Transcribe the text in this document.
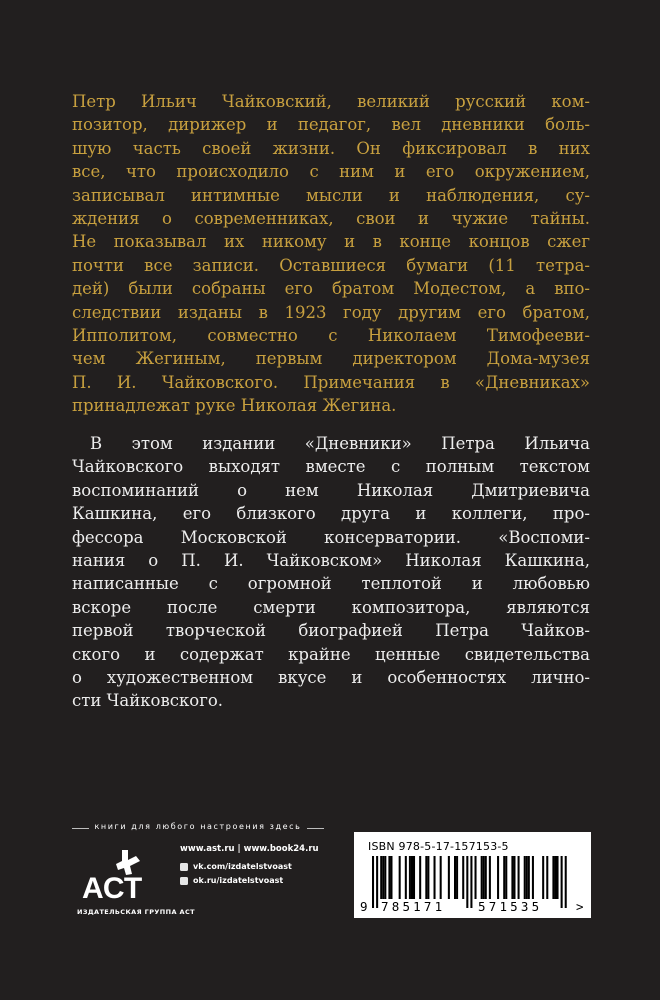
Петр Ильич Чайковский, великий русский ком-
позитор, дирижер и педагог, вел дневники боль-
шую часть своей жизни. Он фиксировал в них
все, что происходило с ним и его окружением,
записывал интимные мысли и наблюдения, су-
ждения о современниках, свои и чужие тайны.
Не показывал их никому и в конце концов сжег
почти все записи. Оставшиеся бумаги (11 тетра-
дей) были собраны его братом Модестом, а впо-
следствии изданы в 1923 году другим его братом,
Ипполитом, совместно с Николаем Тимофееви-
чем Жегиным, первым директором Дома-музея
П. И. Чайковского. Примечания в «Дневниках»
принадлежат руке Николая Жегина.

В этом издании «Дневники» Петра Ильича
Чайковского выходят вместе с полным текстом
воспоминаний о нем Николая Дмитриевича
Кашкина, его близкого друга и коллеги, про-
фессора Московской консерватории. «Воспоми-
нания о П. И. Чайковском» Николая Кашкина,
написанные с огромной теплотой и любовью
вскоре после смерти композитора, являются
первой творческой биографией Петра Чайков-
ского и содержат крайне ценные свидетельства
о художественном вкусе и особенностях лично-
сти Чайковского.

книги для любого настроения здесь
АСТ
ИЗДАТЕЛЬСКАЯ ГРУППА АСТ
www.ast.ru | www.book24.ru
vk.com/izdatelstvoast
ok.ru/izdatelstvoast
ISBN 978-5-17-157153-5
9 785171	571535	>
